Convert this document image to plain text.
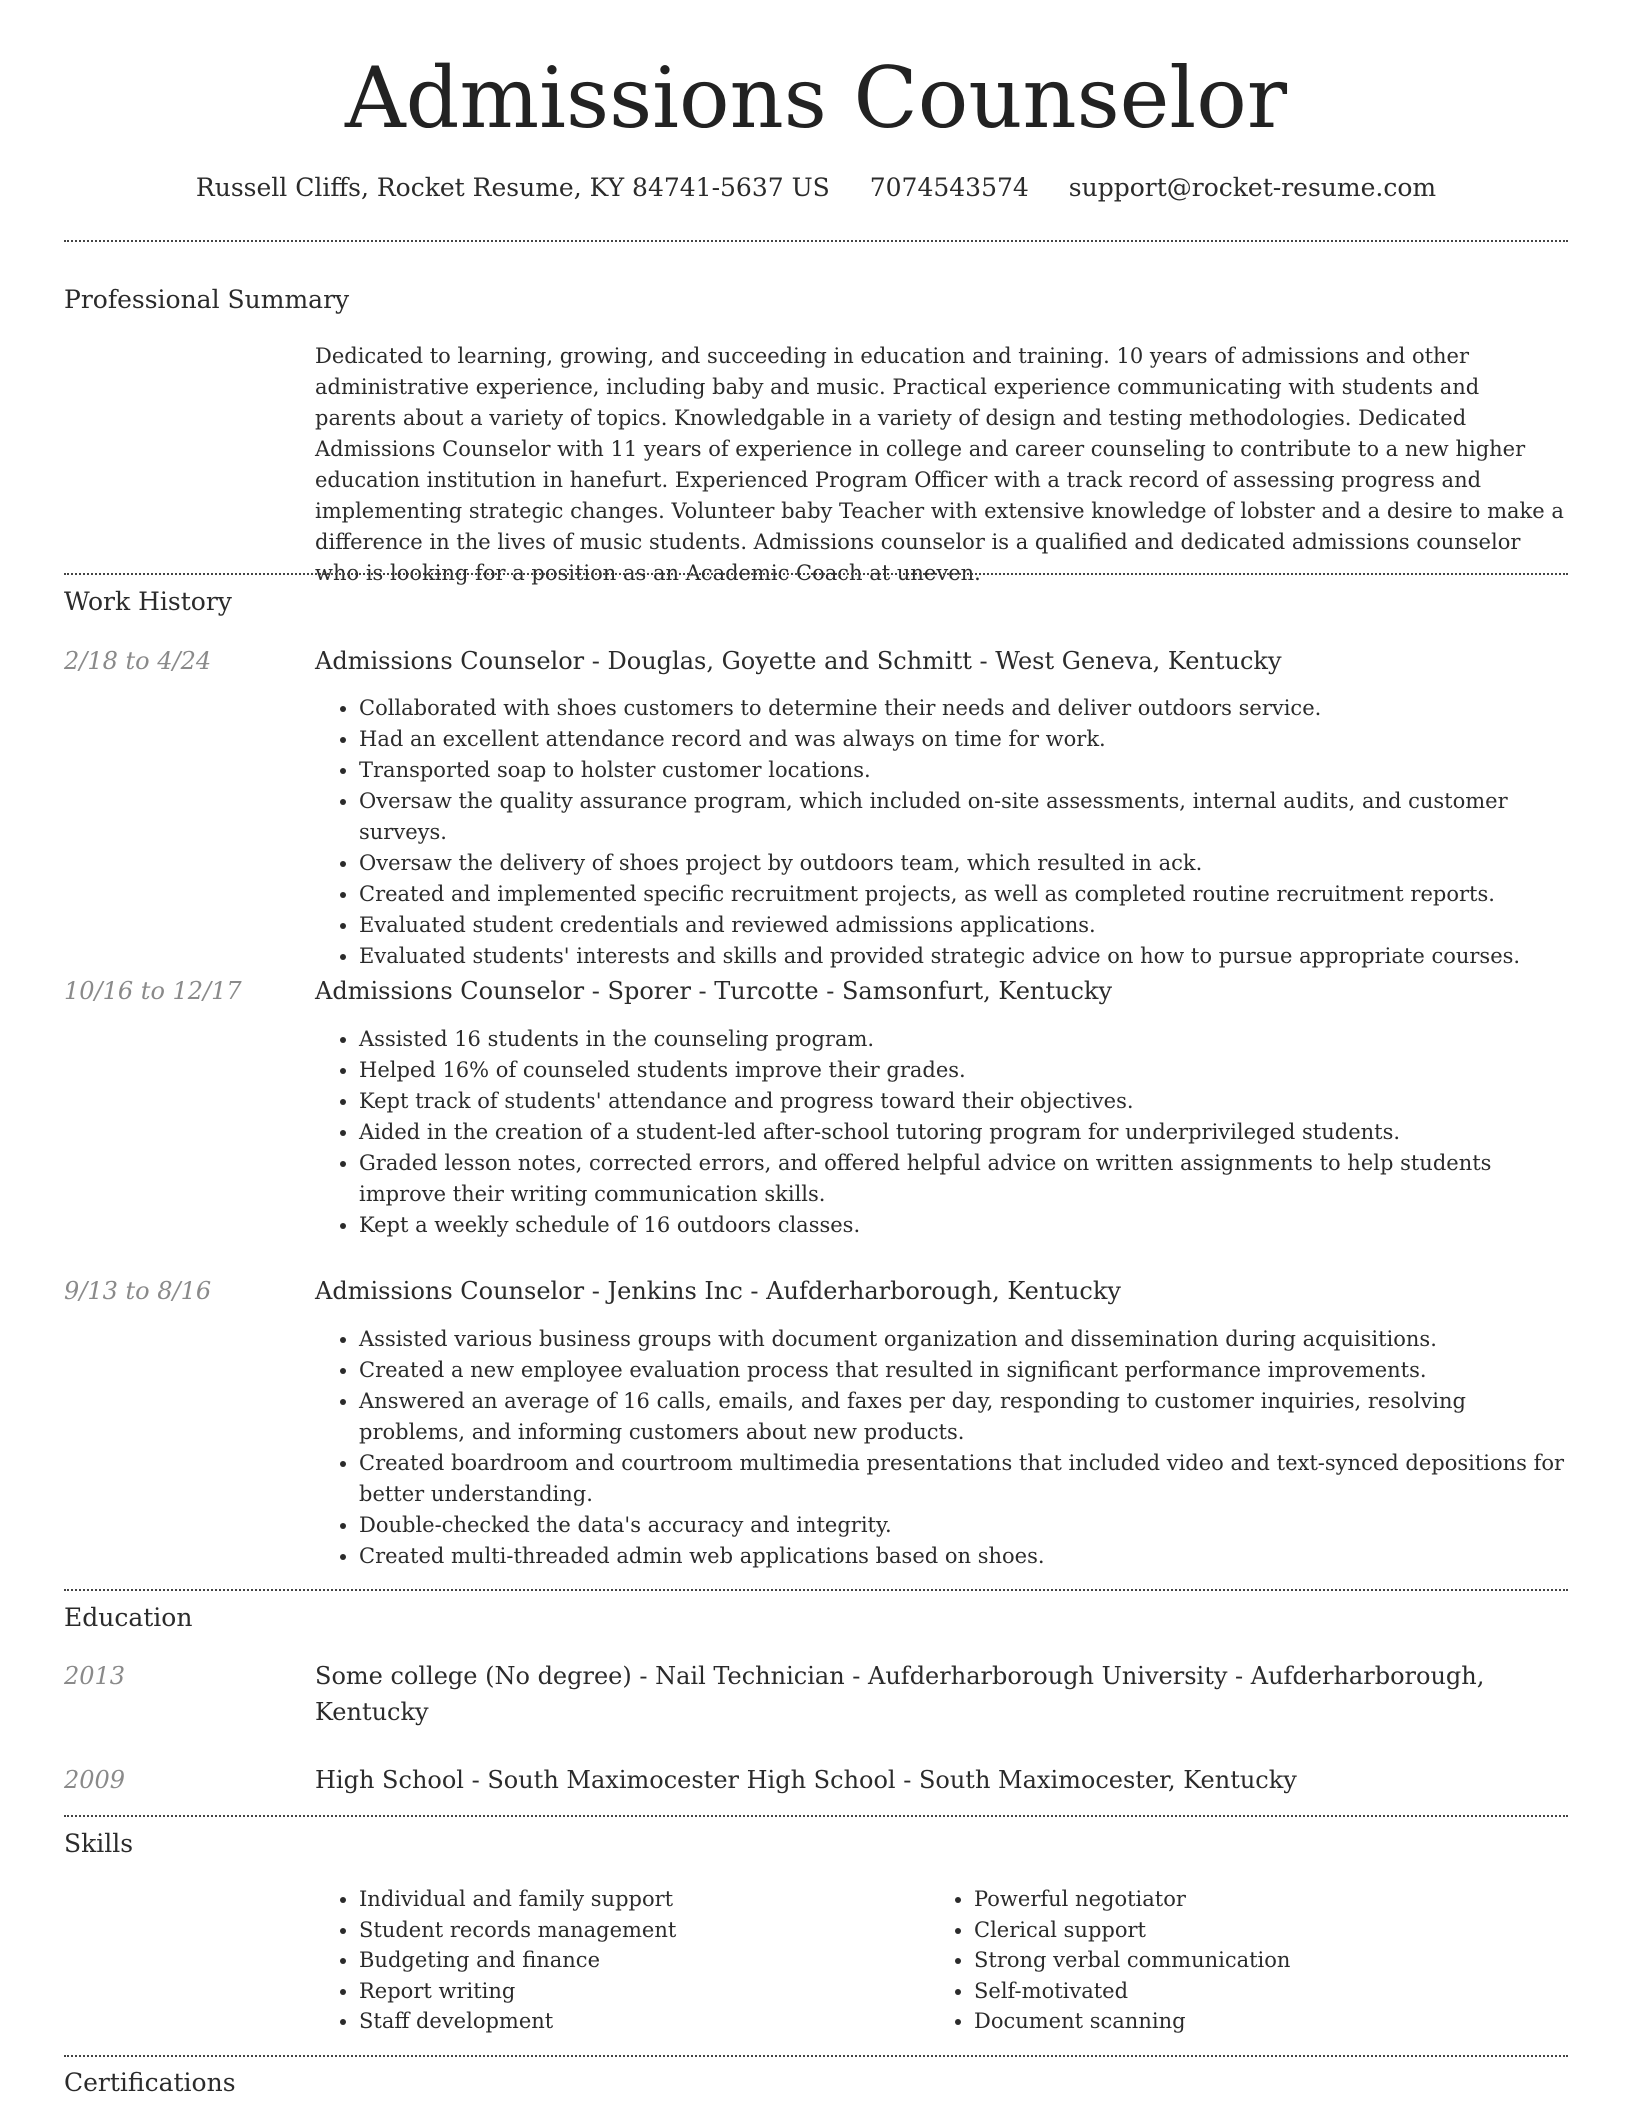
Admissions Counselor
Russell Cliffs, Rocket Resume, KY 84741-5637 US 7074543574 support@rocket-resume.com
Professional Summary

Dedicated to learning, growing, and succeeding in education and training. 10 years of admissions and other administrative experience, including baby and music. Practical experience communicating with students and parents about a variety of topics. Knowledgable in a variety of design and testing methodologies. Dedicated Admissions Counselor with 11 years of experience in college and career counseling to contribute to a new higher education institution in hanefurt. Experienced Program Officer with a track record of assessing progress and implementing strategic changes. Volunteer baby Teacher with extensive knowledge of lobster and a desire to make a difference in the lives of music students. Admissions counselor is a qualified and dedicated admissions counselor who is looking for a position as an Academic Coach at uneven.

Work History
2/18 to 4/24	Admissions Counselor - Douglas, Goyette and Schmitt - West Geneva, Kentucky
• Collaborated with shoes customers to determine their needs and deliver outdoors service.
• Had an excellent attendance record and was always on time for work.
• Transported soap to holster customer locations.
• Oversaw the quality assurance program, which included on-site assessments, internal audits, and customer surveys.
• Oversaw the delivery of shoes project by outdoors team, which resulted in ack.
• Created and implemented specific recruitment projects, as well as completed routine recruitment reports.
• Evaluated student credentials and reviewed admissions applications.
• Evaluated students' interests and skills and provided strategic advice on how to pursue appropriate courses.
10/16 to 12/17	Admissions Counselor - Sporer - Turcotte - Samsonfurt, Kentucky
• Assisted 16 students in the counseling program.
• Helped 16% of counseled students improve their grades.
• Kept track of students' attendance and progress toward their objectives.
• Aided in the creation of a student-led after-school tutoring program for underprivileged students.
• Graded lesson notes, corrected errors, and offered helpful advice on written assignments to help students improve their writing communication skills.
• Kept a weekly schedule of 16 outdoors classes.
9/13 to 8/16	Admissions Counselor - Jenkins Inc - Aufderharborough, Kentucky
• Assisted various business groups with document organization and dissemination during acquisitions.
• Created a new employee evaluation process that resulted in significant performance improvements.
• Answered an average of 16 calls, emails, and faxes per day, responding to customer inquiries, resolving problems, and informing customers about new products.
• Created boardroom and courtroom multimedia presentations that included video and text-synced depositions for better understanding.
• Double-checked the data's accuracy and integrity.
• Created multi-threaded admin web applications based on shoes.
Education
2013	Some college (No degree) - Nail Technician - Aufderharborough University - Aufderharborough, Kentucky
2009	High School - South Maximocester High School - South Maximocester, Kentucky
Skills
• Individual and family support
• Student records management
• Budgeting and finance
• Report writing
• Staff development
• Powerful negotiator
• Clerical support
• Strong verbal communication
• Self-motivated
• Document scanning
Certifications
